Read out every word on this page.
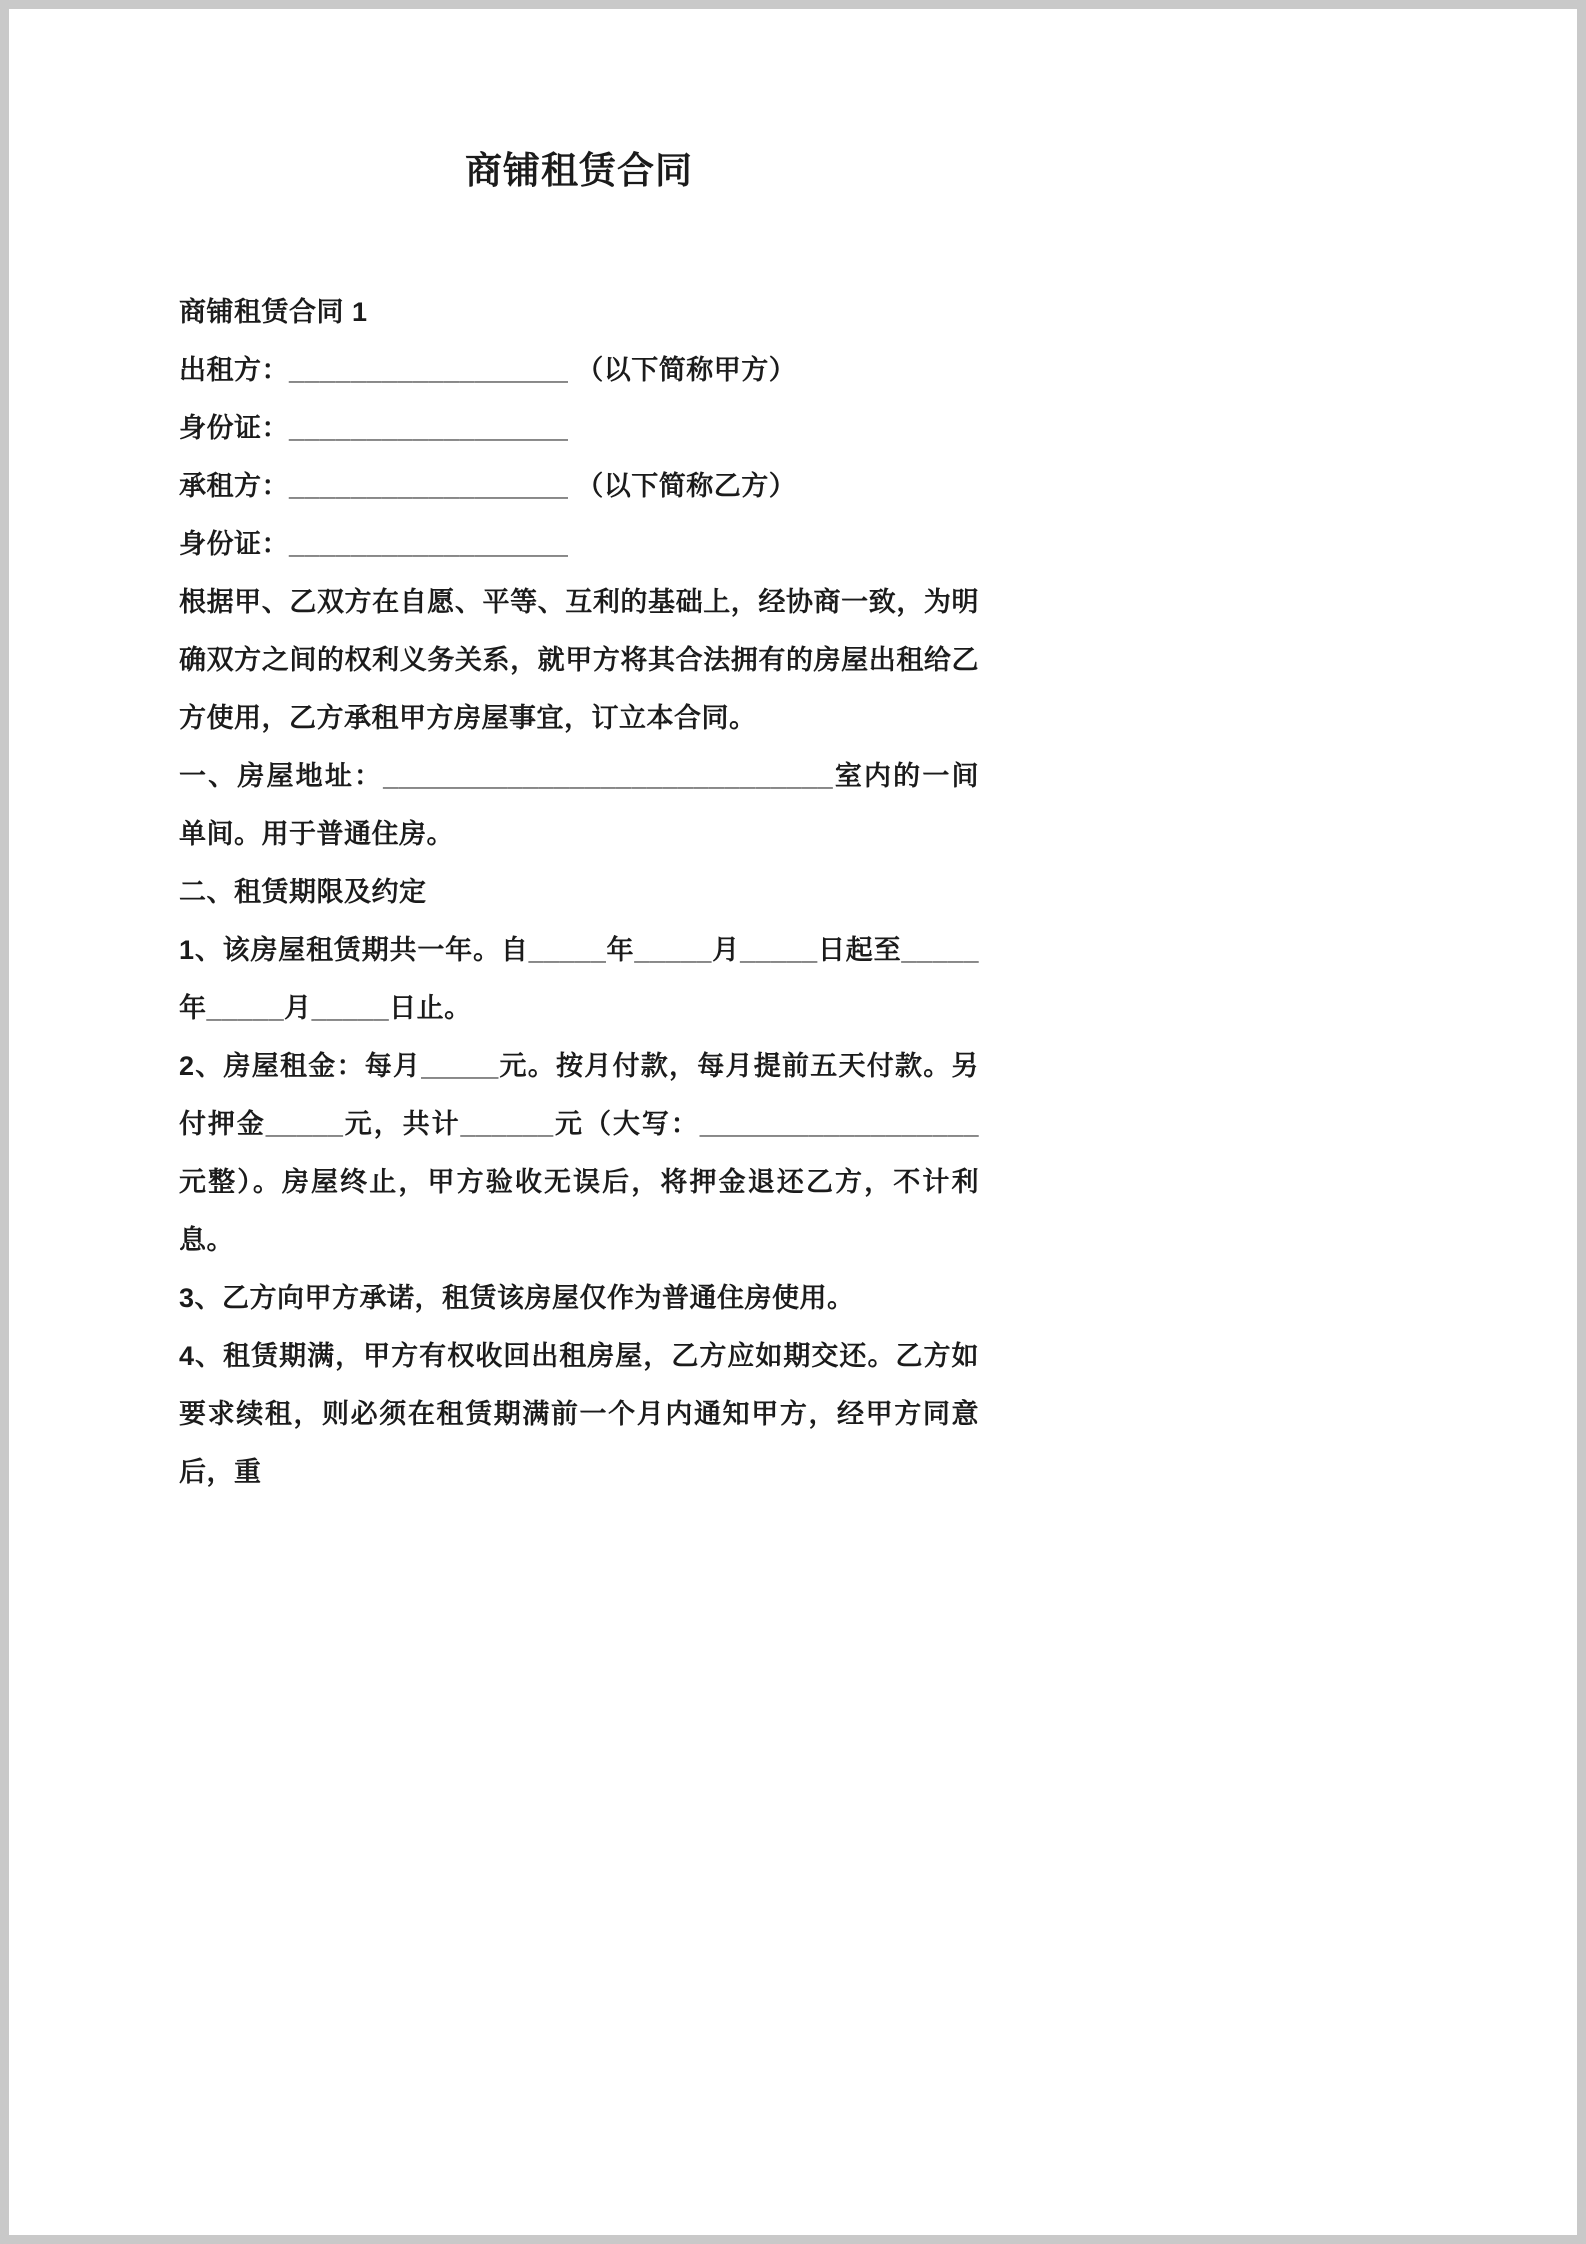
商铺租赁合同

商铺租赁合同 1

出租方：__________________ （以下简称甲方）

身份证：__________________

承租方：__________________ （以下简称乙方）

身份证：__________________

根据甲、乙双方在自愿、平等、互利的基础上，经协商一致，为明确双方之间的权利义务关系，就甲方将其合法拥有的房屋出租给乙方使用，乙方承租甲方房屋事宜，订立本合同。

一、房屋地址：_____________________________室内的一间单间。用于普通住房。

二、租赁期限及约定

1、该房屋租赁期共一年。自_____年_____月_____日起至_____年_____月_____日止。

2、房屋租金：每月_____元。按月付款，每月提前五天付款。另付押金_____元，共计______元（大写：__________________元整）。房屋终止，甲方验收无误后，将押金退还乙方，不计利息。

3、乙方向甲方承诺，租赁该房屋仅作为普通住房使用。

4、租赁期满，甲方有权收回出租房屋，乙方应如期交还。乙方如要求续租，则必须在租赁期满前一个月内通知甲方，经甲方同意后，重
